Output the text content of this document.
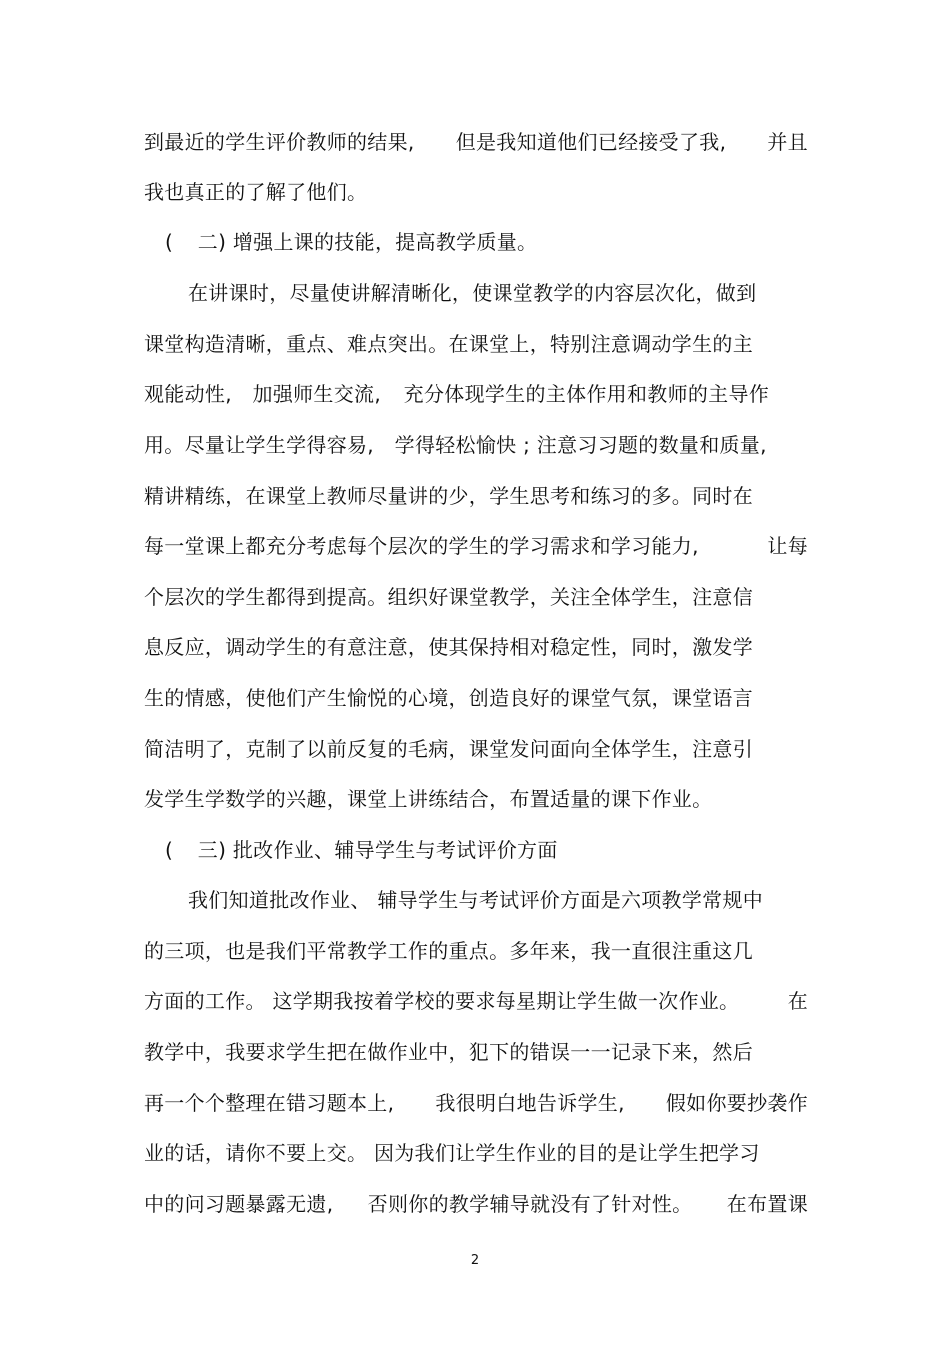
到最近的学生评价教师的结果, 但是我知道他们已经接受了我, 并且
我也真正的了解了他们。
( 二) 增强上课的技能，提高教学质量。
在讲课时，尽量使讲解清晰化，使课堂教学的内容层次化，做到
课堂构造清晰，重点、难点突出。在课堂上，特别注意调动学生的主
观能动性, 加强师生交流, 充分体现学生的主体作用和教师的主导作
用。尽量让学生学得容易, 学得轻松愉快 ; 注意习习题的数量和质量,
精讲精练，在课堂上教师尽量讲的少，学生思考和练习的多。同时在
每一堂课上都充分考虑每个层次的学生的学习需求和学习能力,	让每
个层次的学生都得到提高。组织好课堂教学，关注全体学生，注意信
息反应，调动学生的有意注意，使其保持相对稳定性，同时，激发学
生的情感，使他们产生愉悦的心境，创造良好的课堂气氛，课堂语言
简洁明了，克制了以前反复的毛病，课堂发问面向全体学生，注意引
发学生学数学的兴趣，课堂上讲练结合，布置适量的课下作业。
( 三) 批改作业、辅导学生与考试评价方面
我们知道批改作业、 辅导学生与考试评价方面是六项教学常规中
的三项，也是我们平常教学工作的重点。多年来，我一直很注重这几
方面的工作。 这学期我按着学校的要求每星期让学生做一次作业。 在
教学中，我要求学生把在做作业中，犯下的错误一一记录下来，然后
再一个个整理在错习题本上, 我很明白地告诉学生, 假如你要抄袭作
业的话，请你不要上交。 因为我们让学生作业的目的是让学生把学习
中的问习题暴露无遗, 否则你的教学辅导就没有了针对性。 在布置课
2
